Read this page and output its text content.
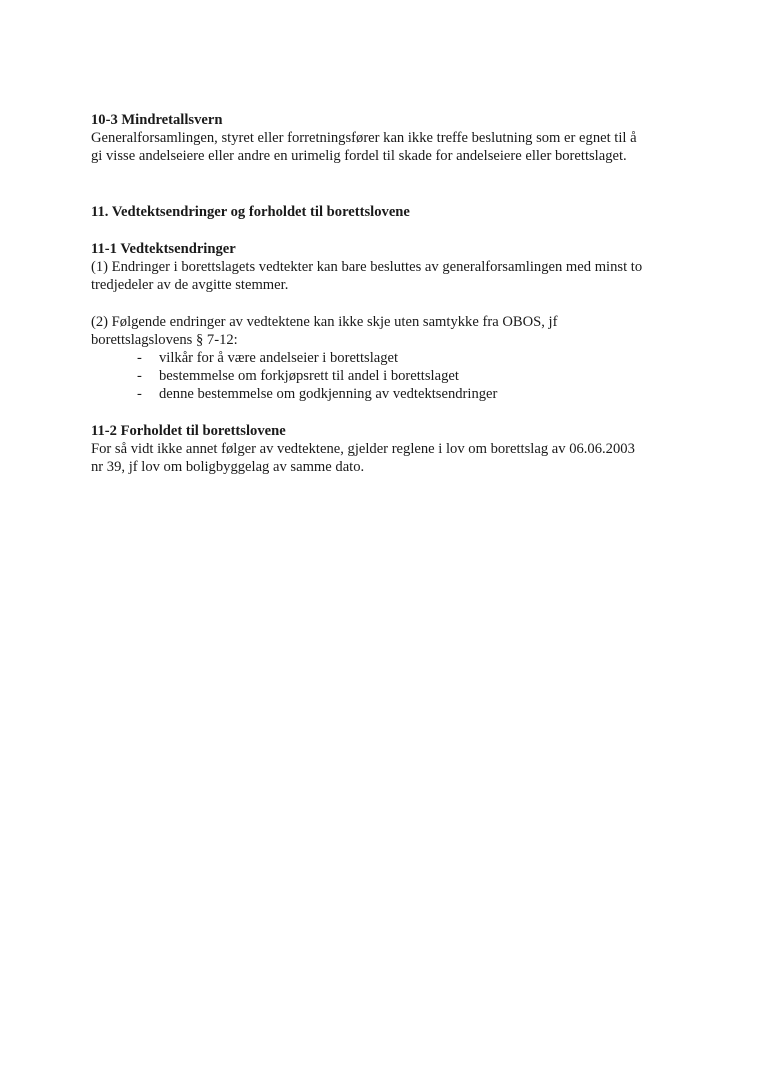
10-3 Mindretallsvern

Generalforsamlingen, styret eller forretningsfører kan ikke treffe beslutning som er egnet til å

gi visse andelseiere eller andre en urimelig fordel til skade for andelseiere eller borettslaget.

11. Vedtektsendringer og forholdet til borettslovene

11-1 Vedtektsendringer

(1) Endringer i borettslagets vedtekter kan bare besluttes av generalforsamlingen med minst to

tredjedeler av de avgitte stemmer.

(2) Følgende endringer av vedtektene kan ikke skje uten samtykke fra OBOS, jf

borettslagslovens § 7-12:

- vilkår for å være andelseier i borettslaget
- bestemmelse om forkjøpsrett til andel i borettslaget
- denne bestemmelse om godkjenning av vedtektsendringer

11-2 Forholdet til borettslovene

For så vidt ikke annet følger av vedtektene, gjelder reglene i lov om borettslag av 06.06.2003

nr 39, jf lov om boligbyggelag av samme dato.
